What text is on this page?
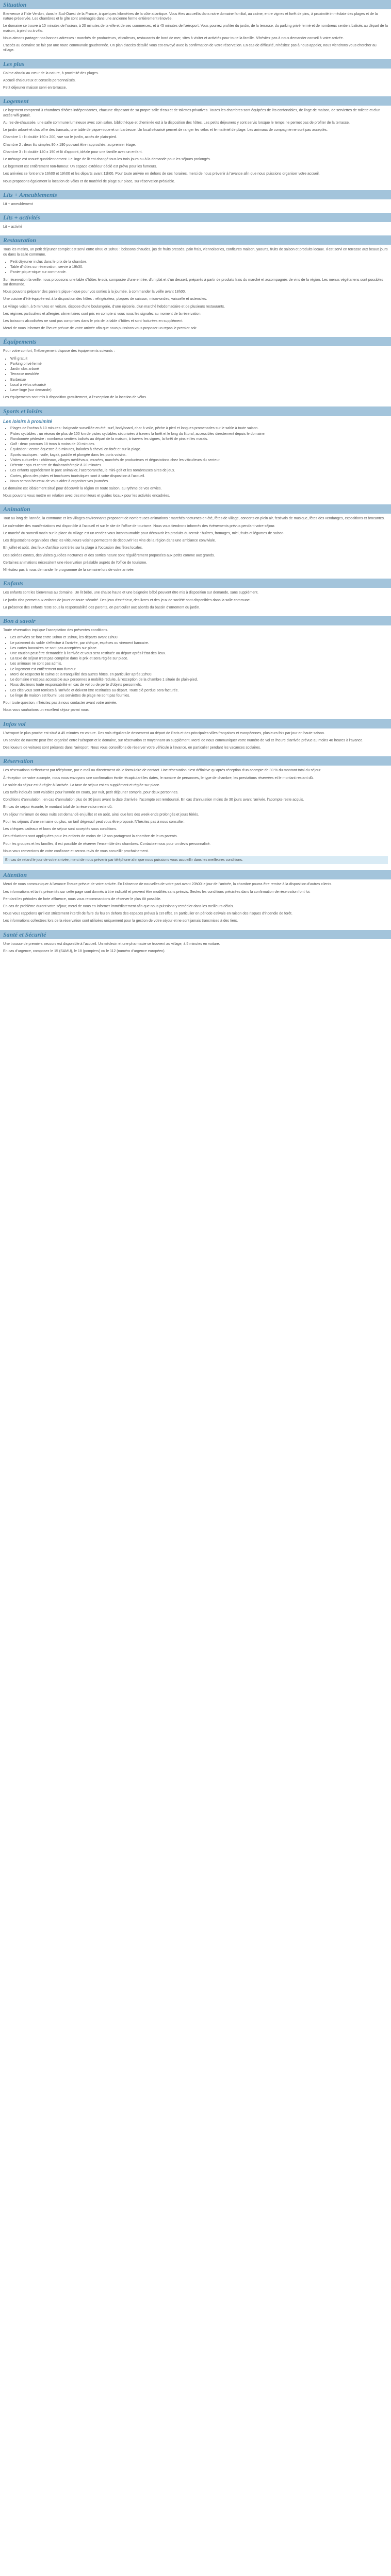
Situation

Bienvenue à l'Isle Verdon, dans le Sud-Ouest de la France, à quelques kilomètres de la côte atlantique. Vous êtes accueillis dans notre domaine familial, au calme, entre vignes et forêt de pins, à proximité immédiate des plages et de la nature préservée. Les chambres et le gîte sont aménagés dans une ancienne ferme entièrement rénovée.

Le domaine se trouve à 10 minutes de l'océan, à 20 minutes de la ville et de ses commerces, et à 45 minutes de l'aéroport. Vous pourrez profiter du jardin, de la terrasse, du parking privé fermé et de nombreux sentiers balisés au départ de la maison, à pied ou à vélo.

Nous aimons partager nos bonnes adresses : marchés de producteurs, viticulteurs, restaurants de bord de mer, sites à visiter et activités pour toute la famille. N'hésitez pas à nous demander conseil à votre arrivée.

L'accès au domaine se fait par une route communale goudronnée. Un plan d'accès détaillé vous est envoyé avec la confirmation de votre réservation. En cas de difficulté, n'hésitez pas à nous appeler, nous viendrons vous chercher au village.

Les plus

Calme absolu au cœur de la nature, à proximité des plages.

Accueil chaleureux et conseils personnalisés.

Petit déjeuner maison servi en terrasse.

Logement

Le logement comprend 3 chambres d'hôtes indépendantes, chacune disposant de sa propre salle d'eau et de toilettes privatives. Toutes les chambres sont équipées de lits confortables, de linge de maison, de serviettes de toilette et d'un accès wifi gratuit.

Au rez-de-chaussée, une salle commune lumineuse avec coin salon, bibliothèque et cheminée est à la disposition des hôtes. Les petits déjeuners y sont servis lorsque le temps ne permet pas de profiter de la terrasse.

Le jardin arboré et clos offre des transats, une table de pique-nique et un barbecue. Un local sécurisé permet de ranger les vélos et le matériel de plage. Les animaux de compagnie ne sont pas acceptés.

Chambre 1 : lit double 160 x 200, vue sur le jardin, accès de plain-pied.

Chambre 2 : deux lits simples 90 x 190 pouvant être rapprochés, au premier étage.

Chambre 3 : lit double 140 x 190 et lit d'appoint, idéale pour une famille avec un enfant.

Le ménage est assuré quotidiennement. Le linge de lit est changé tous les trois jours ou à la demande pour les séjours prolongés.

Le logement est entièrement non-fumeur. Un espace extérieur dédié est prévu pour les fumeurs.

Les arrivées se font entre 16h00 et 19h00 et les départs avant 11h00. Pour toute arrivée en dehors de ces horaires, merci de nous prévenir à l'avance afin que nous puissions organiser votre accueil.

Nous proposons également la location de vélos et de matériel de plage sur place, sur réservation préalable.

Lits + Ameublements

Lit + ameublement

Lits + activités

Lit + activité

Restauration

Tous les matins, un petit déjeuner complet est servi entre 8h00 et 10h00 : boissons chaudes, jus de fruits pressés, pain frais, viennoiseries, confitures maison, yaourts, fruits de saison et produits locaux. Il est servi en terrasse aux beaux jours ou dans la salle commune.

• Petit déjeuner inclus dans le prix de la chambre.
• Table d'hôtes sur réservation, servie à 19h30.
• Panier pique-nique sur commande.

Sur réservation la veille, nous proposons une table d'hôtes le soir, composée d'une entrée, d'un plat et d'un dessert, préparés à partir de produits frais du marché et accompagnés de vins de la région. Les menus végétariens sont possibles sur demande.

Nous pouvons préparer des paniers pique-nique pour vos sorties à la journée, à commander la veille avant 18h00.

Une cuisine d'été équipée est à la disposition des hôtes : réfrigérateur, plaques de cuisson, micro-ondes, vaisselle et ustensiles.

Le village voisin, à 5 minutes en voiture, dispose d'une boulangerie, d'une épicerie, d'un marché hebdomadaire et de plusieurs restaurants.

Les régimes particuliers et allergies alimentaires sont pris en compte si vous nous les signalez au moment de la réservation.

Les boissons alcoolisées ne sont pas comprises dans le prix de la table d'hôtes et sont facturées en supplément.

Merci de nous informer de l'heure prévue de votre arrivée afin que nous puissions vous proposer un repas le premier soir.

Équipements

Pour votre confort, l'hébergement dispose des équipements suivants :

• Wifi gratuit
• Parking privé fermé
• Jardin clos arboré
• Terrasse meublée
• Barbecue
• Local à vélos sécurisé
• Lave-linge (sur demande)

Les équipements sont mis à disposition gratuitement, à l'exception de la location de vélos.

Sports et loisirs
Les loisirs à proximité
• Plages de l'océan à 10 minutes : baignade surveillée en été, surf, bodyboard, char à voile, pêche à pied et longues promenades sur le sable à toute saison.
• Pistes cyclables : un réseau de plus de 100 km de pistes cyclables sécurisées à travers la forêt et le long du littoral, accessibles directement depuis le domaine.
• Randonnée pédestre : nombreux sentiers balisés au départ de la maison, à travers les vignes, la forêt de pins et les marais.
• Golf : deux parcours 18 trous à moins de 20 minutes.
• Équitation : centre équestre à 5 minutes, balades à cheval en forêt et sur la plage.
• Sports nautiques : voile, kayak, paddle et plongée dans les ports voisins.
• Visites culturelles : châteaux, villages médiévaux, musées, marchés de producteurs et dégustations chez les viticulteurs du secteur.
• Détente : spa et centre de thalassothérapie à 20 minutes.
• Les enfants apprécieront le parc animalier, l'accrobranche, le mini-golf et les nombreuses aires de jeux.
• Cartes, plans des pistes et brochures touristiques sont à votre disposition à l'accueil.
• Nous serons heureux de vous aider à organiser vos journées.

Le domaine est idéalement situé pour découvrir la région en toute saison, au rythme de vos envies.

Nous pouvons vous mettre en relation avec des moniteurs et guides locaux pour les activités encadrées.

Animation

Tout au long de l'année, la commune et les villages environnants proposent de nombreuses animations : marchés nocturnes en été, fêtes de village, concerts en plein air, festivals de musique, fêtes des vendanges, expositions et brocantes.

Le calendrier des manifestations est disponible à l'accueil et sur le site de l'office de tourisme. Nous vous tiendrons informés des événements prévus pendant votre séjour.

Le marché du samedi matin sur la place du village est un rendez-vous incontournable pour découvrir les produits du terroir : huîtres, fromages, miel, fruits et légumes de saison.

Les dégustations organisées chez les viticulteurs voisins permettent de découvrir les vins de la région dans une ambiance conviviale.

En juillet et août, des feux d'artifice sont tirés sur la plage à l'occasion des fêtes locales.

Des soirées contes, des visites guidées nocturnes et des sorties nature sont régulièrement proposées aux petits comme aux grands.

Certaines animations nécessitent une réservation préalable auprès de l'office de tourisme.

N'hésitez pas à nous demander le programme de la semaine lors de votre arrivée.

Enfants

Les enfants sont les bienvenus au domaine. Un lit bébé, une chaise haute et une baignoire bébé peuvent être mis à disposition sur demande, sans supplément.

Le jardin clos permet aux enfants de jouer en toute sécurité. Des jeux d'extérieur, des livres et des jeux de société sont disponibles dans la salle commune.

La présence des enfants reste sous la responsabilité des parents, en particulier aux abords du bassin d'ornement du jardin.

Bon à savoir

Toute réservation implique l'acceptation des présentes conditions.

• Les arrivées se font entre 16h00 et 19h00, les départs avant 11h00.
• Le paiement du solde s'effectue à l'arrivée, par chèque, espèces ou virement bancaire.
• Les cartes bancaires ne sont pas acceptées sur place.
• Une caution peut être demandée à l'arrivée et vous sera restituée au départ après l'état des lieux.
• La taxe de séjour n'est pas comprise dans le prix et sera réglée sur place.
• Les animaux ne sont pas admis.
• Le logement est entièrement non-fumeur.
• Merci de respecter le calme et la tranquillité des autres hôtes, en particulier après 22h00.
• Le domaine n'est pas accessible aux personnes à mobilité réduite, à l'exception de la chambre 1 située de plain-pied.
• Nous déclinons toute responsabilité en cas de vol ou de perte d'objets personnels.
• Les clés vous sont remises à l'arrivée et doivent être restituées au départ. Toute clé perdue sera facturée.
• Le linge de maison est fourni. Les serviettes de plage ne sont pas fournies.

Pour toute question, n'hésitez pas à nous contacter avant votre arrivée.

Nous vous souhaitons un excellent séjour parmi nous.

Infos vol

L'aéroport le plus proche est situé à 45 minutes en voiture. Des vols réguliers le desservent au départ de Paris et des principales villes françaises et européennes, plusieurs fois par jour en haute saison.

Un service de navette peut être organisé entre l'aéroport et le domaine, sur réservation et moyennant un supplément. Merci de nous communiquer votre numéro de vol et l'heure d'arrivée prévue au moins 48 heures à l'avance.

Des loueurs de voitures sont présents dans l'aéroport. Nous vous conseillons de réserver votre véhicule à l'avance, en particulier pendant les vacances scolaires.

Réservation

Les réservations s'effectuent par téléphone, par e-mail ou directement via le formulaire de contact. Une réservation n'est définitive qu'après réception d'un acompte de 30 % du montant total du séjour.

À réception de votre acompte, nous vous envoyons une confirmation écrite récapitulant les dates, le nombre de personnes, le type de chambre, les prestations réservées et le montant restant dû.

Le solde du séjour est à régler à l'arrivée. La taxe de séjour est en supplément et réglée sur place.

Les tarifs indiqués sont valables pour l'année en cours, par nuit, petit déjeuner compris, pour deux personnes.

Conditions d'annulation : en cas d'annulation plus de 30 jours avant la date d'arrivée, l'acompte est remboursé. En cas d'annulation moins de 30 jours avant l'arrivée, l'acompte reste acquis.

En cas de séjour écourté, le montant total de la réservation reste dû.

Un séjour minimum de deux nuits est demandé en juillet et en août, ainsi que lors des week-ends prolongés et jours fériés.

Pour les séjours d'une semaine ou plus, un tarif dégressif peut vous être proposé. N'hésitez pas à nous consulter.

Les chèques cadeaux et bons de séjour sont acceptés sous conditions.

Des réductions sont appliquées pour les enfants de moins de 12 ans partageant la chambre de leurs parents.

Pour les groupes et les familles, il est possible de réserver l'ensemble des chambres. Contactez-nous pour un devis personnalisé.

Nous vous remercions de votre confiance et serons ravis de vous accueillir prochainement.

En cas de retard le jour de votre arrivée, merci de nous prévenir par téléphone afin que nous puissions vous accueillir dans les meilleures conditions.

Attention

Merci de nous communiquer à l'avance l'heure prévue de votre arrivée. En l'absence de nouvelles de votre part avant 20h00 le jour de l'arrivée, la chambre pourra être remise à la disposition d'autres clients.

Les informations et tarifs présentés sur cette page sont donnés à titre indicatif et peuvent être modifiés sans préavis. Seules les conditions précisées dans la confirmation de réservation font foi.

Pendant les périodes de forte affluence, nous vous recommandons de réserver le plus tôt possible.

En cas de problème durant votre séjour, merci de nous en informer immédiatement afin que nous puissions y remédier dans les meilleurs délais.

Nous vous rappelons qu'il est strictement interdit de faire du feu en dehors des espaces prévus à cet effet, en particulier en période estivale en raison des risques d'incendie de forêt.

Les informations collectées lors de la réservation sont utilisées uniquement pour la gestion de votre séjour et ne sont jamais transmises à des tiers.

Santé et Sécurité

Une trousse de premiers secours est disponible à l'accueil. Un médecin et une pharmacie se trouvent au village, à 5 minutes en voiture.

En cas d'urgence, composez le 15 (SAMU), le 18 (pompiers) ou le 112 (numéro d'urgence européen).
